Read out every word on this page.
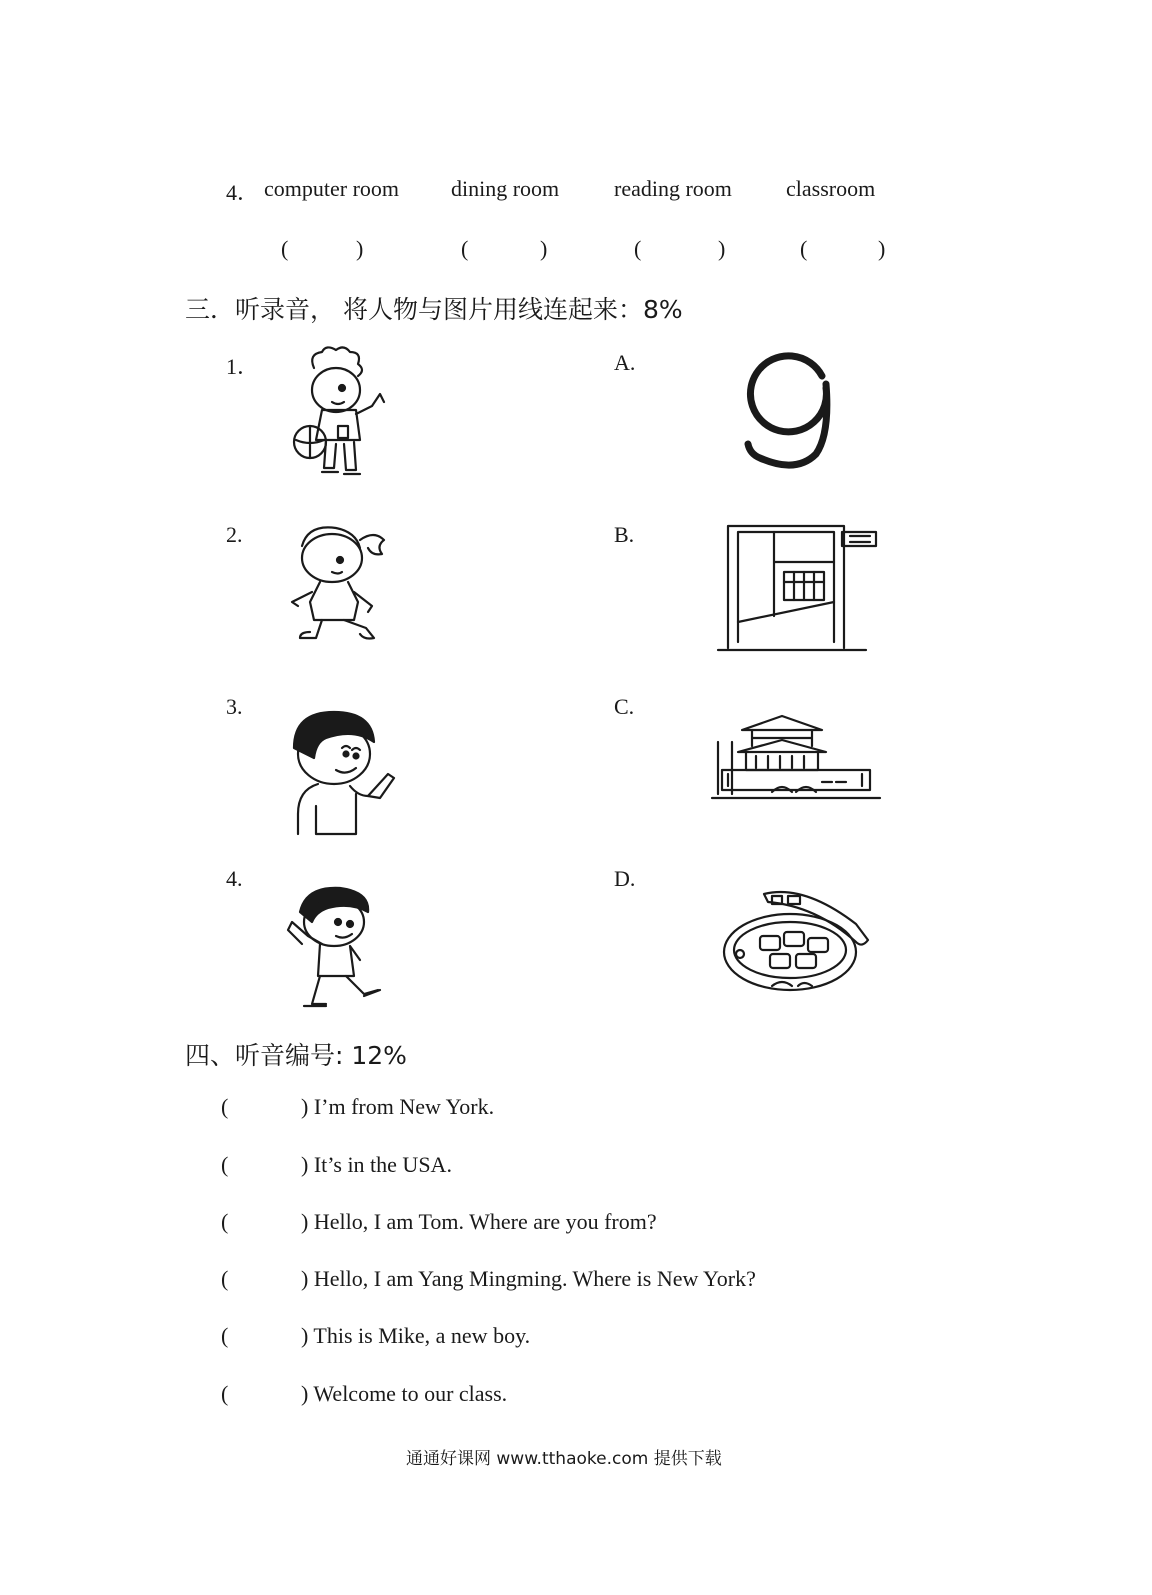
4． computer room dining room reading room classroom
(	)	(	)	(	)	(	)
三．听录音， 将人物与图片用线连起来：8%
1．
2.
3.
4.
A.
B.
C.
D.
四、听音编号: 12%
(	) I’m from New York.
(	) It’s in the USA.
(	) Hello, I am Tom. Where are you from?
(	) Hello, I am Yang Mingming. Where is New York?
(	) This is Mike, a new boy.
(	) Welcome to our class.
通通好课网 www.tthaoke.com 提供下载
